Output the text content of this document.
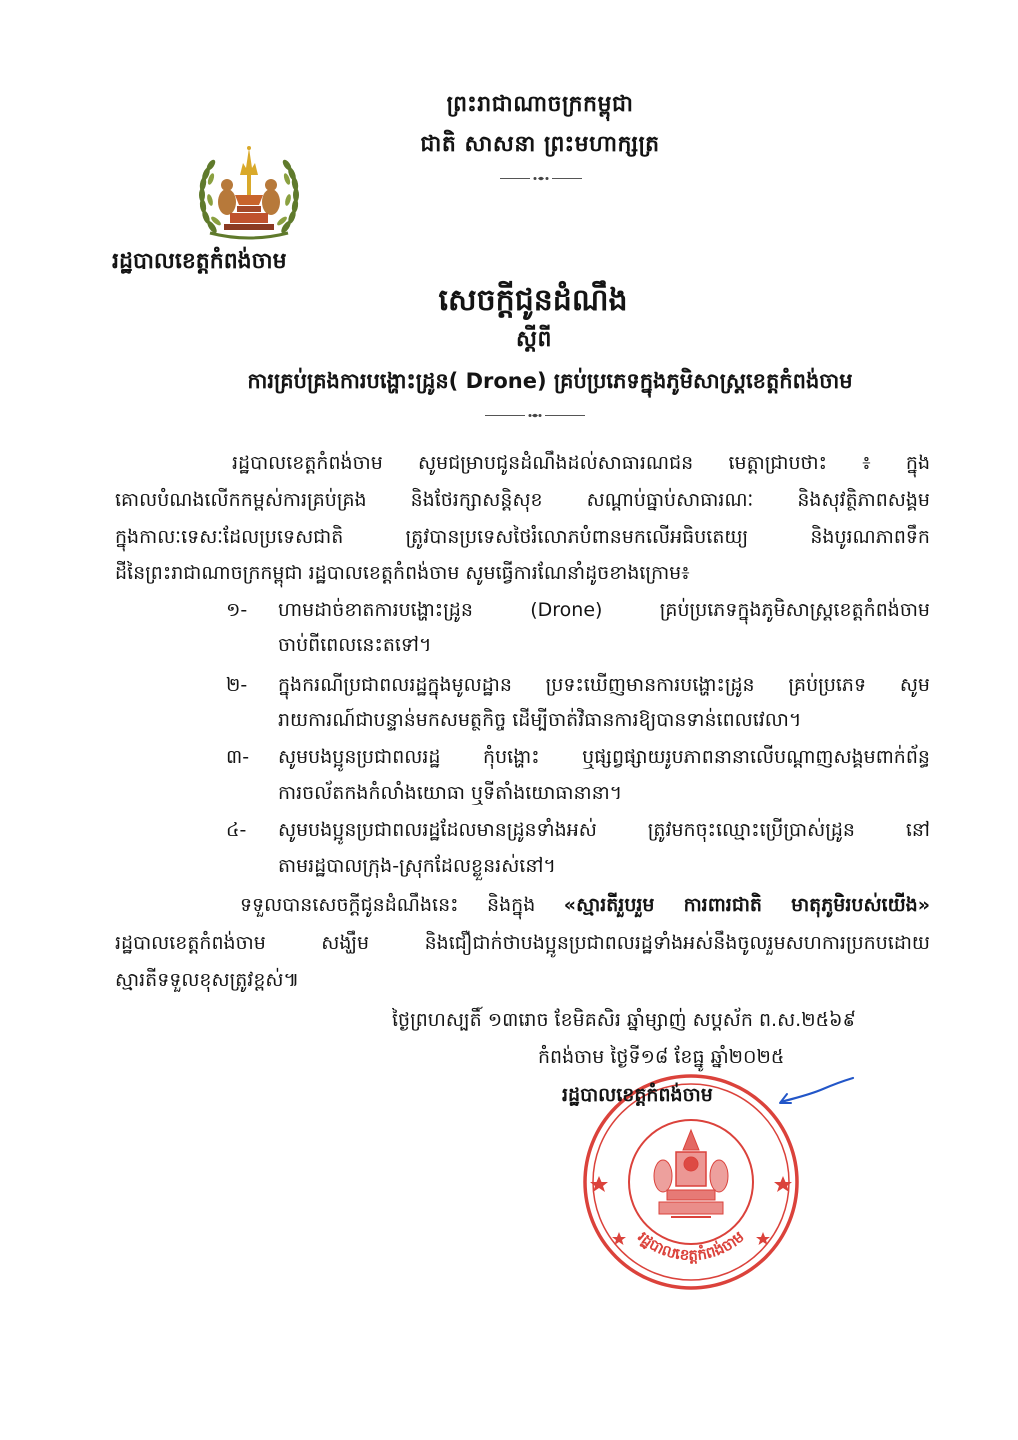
ព្រះរាជាណាចក្រកម្ពុជា
ជាតិ សាសនា ព្រះមហាក្សត្រ
រដ្ឋបាលខេត្តកំពង់ចាម
សេចក្តីជូនដំណឹង
ស្តីពី
ការគ្រប់គ្រងការបង្ហោះដ្រូន( Drone) គ្រប់ប្រភេទក្នុងភូមិសាស្ត្រខេត្តកំពង់ចាម
រដ្ឋបាលខេត្តកំពង់ចាម សូមជម្រាបជូនដំណឹងដល់សាធារណជន មេត្តាជ្រាបថាះ ៖ ក្នុង
គោលបំណងលើកកម្ពស់ការគ្រប់គ្រង និងថែរក្សាសន្តិសុខ សណ្តាប់ធ្នាប់សាធារណៈ និងសុវត្ថិភាពសង្គម
ក្នុងកាលៈទេសៈដែលប្រទេសជាតិ ត្រូវបានប្រទេសថៃរំលោភបំពានមកលើអធិបតេយ្យ និងបូរណភាពទឹក
ដីនៃព្រះរាជាណាចក្រកម្ពុជា រដ្ឋបាលខេត្តកំពង់ចាម សូមធ្វើការណែនាំដូចខាងក្រោម៖
១-	ហាមដាច់ខាតការបង្ហោះដ្រូន (Drone) គ្រប់ប្រភេទក្នុងភូមិសាស្ត្រខេត្តកំពង់ចាម
ចាប់ពីពេលនេះតទៅ។
២-	ក្នុងករណីប្រជាពលរដ្ឋក្នុងមូលដ្ឋាន ប្រទះឃើញមានការបង្ហោះដ្រូន គ្រប់ប្រភេទ សូម
រាយការណ៍ជាបន្ទាន់មកសមត្ថកិច្ច ដើម្បីចាត់វិធានការឱ្យបានទាន់ពេលវេលា។
៣-	សូមបងប្អូនប្រជាពលរដ្ឋ កុំបង្ហោះ ឬផ្សព្វផ្សាយរូបភាពនានាលើបណ្តាញសង្គមពាក់ព័ន្ធ
ការចល័តកងកំលាំងយោធា ឬទីតាំងយោធានានា។
៤-	សូមបងប្អូនប្រជាពលរដ្ឋដែលមានដ្រូនទាំងអស់ ត្រូវមកចុះឈ្មោះប្រើប្រាស់ដ្រូន នៅ
តាមរដ្ឋបាលក្រុង-ស្រុកដែលខ្លួនរស់នៅ។
ទទួលបានសេចក្តីជូនដំណឹងនេះ និងក្នុង «ស្មារតីរួបរួម ការពារជាតិ មាតុភូមិរបស់យើង»
រដ្ឋបាលខេត្តកំពង់ចាម សង្ឃឹម និងជឿជាក់ថាបងប្អូនប្រជាពលរដ្ឋទាំងអស់នឹងចូលរួមសហការប្រកបដោយ
ស្មារតីទទួលខុសត្រូវខ្ពស់៕
ថ្ងៃព្រហស្បតិ៍ ១៣រោច ខែមិគសិរ ឆ្នាំម្សាញ់ សប្តស័ក ព.ស.២៥៦៩
កំពង់ចាម ថ្ងៃទី១៨ ខែធ្នូ ឆ្នាំ២០២៥
រដ្ឋបាលខេត្តកំពង់ចាម
រដ្ឋបាលខេត្តកំពង់ចាម
